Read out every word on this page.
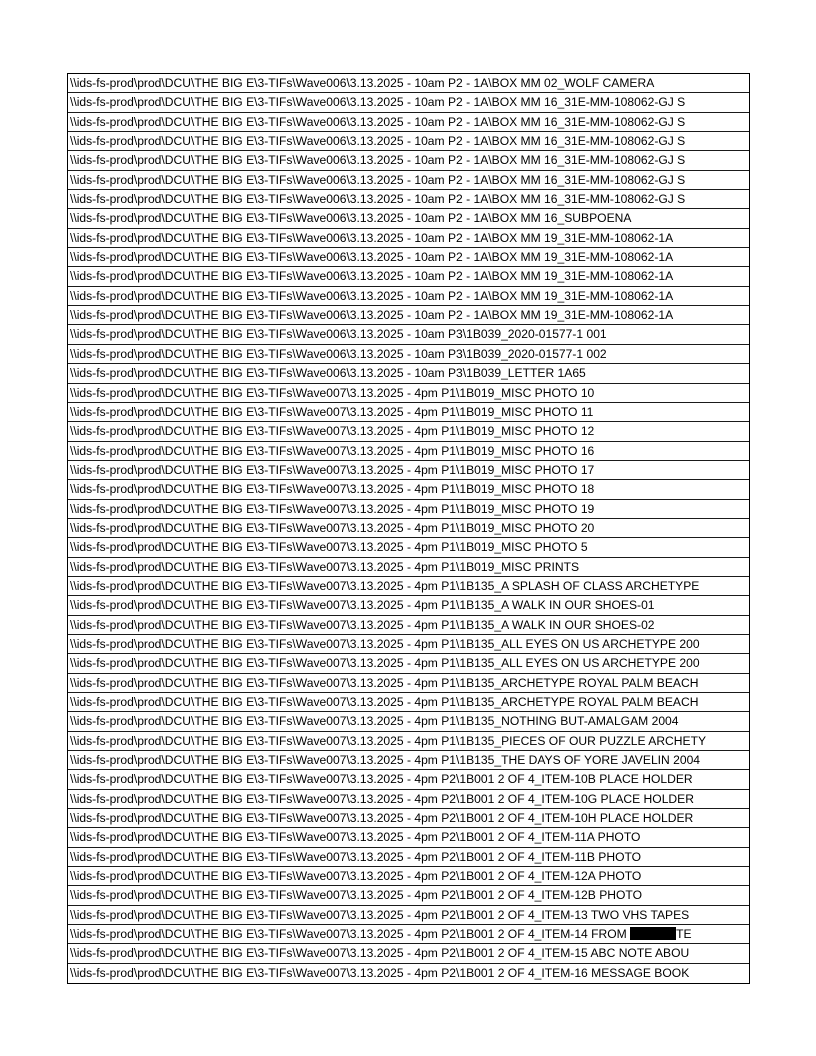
\\ids-fs-prod\prod\DCU\THE BIG E\3-TIFs\Wave006\3.13.2025 - 10am P2 - 1A\BOX MM 02_WOLF CAMERA
\\ids-fs-prod\prod\DCU\THE BIG E\3-TIFs\Wave006\3.13.2025 - 10am P2 - 1A\BOX MM 16_31E-MM-108062-GJ S
\\ids-fs-prod\prod\DCU\THE BIG E\3-TIFs\Wave006\3.13.2025 - 10am P2 - 1A\BOX MM 16_31E-MM-108062-GJ S
\\ids-fs-prod\prod\DCU\THE BIG E\3-TIFs\Wave006\3.13.2025 - 10am P2 - 1A\BOX MM 16_31E-MM-108062-GJ S
\\ids-fs-prod\prod\DCU\THE BIG E\3-TIFs\Wave006\3.13.2025 - 10am P2 - 1A\BOX MM 16_31E-MM-108062-GJ S
\\ids-fs-prod\prod\DCU\THE BIG E\3-TIFs\Wave006\3.13.2025 - 10am P2 - 1A\BOX MM 16_31E-MM-108062-GJ S
\\ids-fs-prod\prod\DCU\THE BIG E\3-TIFs\Wave006\3.13.2025 - 10am P2 - 1A\BOX MM 16_31E-MM-108062-GJ S
\\ids-fs-prod\prod\DCU\THE BIG E\3-TIFs\Wave006\3.13.2025 - 10am P2 - 1A\BOX MM 16_SUBPOENA
\\ids-fs-prod\prod\DCU\THE BIG E\3-TIFs\Wave006\3.13.2025 - 10am P2 - 1A\BOX MM 19_31E-MM-108062-1A
\\ids-fs-prod\prod\DCU\THE BIG E\3-TIFs\Wave006\3.13.2025 - 10am P2 - 1A\BOX MM 19_31E-MM-108062-1A
\\ids-fs-prod\prod\DCU\THE BIG E\3-TIFs\Wave006\3.13.2025 - 10am P2 - 1A\BOX MM 19_31E-MM-108062-1A
\\ids-fs-prod\prod\DCU\THE BIG E\3-TIFs\Wave006\3.13.2025 - 10am P2 - 1A\BOX MM 19_31E-MM-108062-1A
\\ids-fs-prod\prod\DCU\THE BIG E\3-TIFs\Wave006\3.13.2025 - 10am P2 - 1A\BOX MM 19_31E-MM-108062-1A
\\ids-fs-prod\prod\DCU\THE BIG E\3-TIFs\Wave006\3.13.2025 - 10am P3\1B039_2020-01577-1 001
\\ids-fs-prod\prod\DCU\THE BIG E\3-TIFs\Wave006\3.13.2025 - 10am P3\1B039_2020-01577-1 002
\\ids-fs-prod\prod\DCU\THE BIG E\3-TIFs\Wave006\3.13.2025 - 10am P3\1B039_LETTER 1A65
\\ids-fs-prod\prod\DCU\THE BIG E\3-TIFs\Wave007\3.13.2025 - 4pm P1\1B019_MISC PHOTO 10
\\ids-fs-prod\prod\DCU\THE BIG E\3-TIFs\Wave007\3.13.2025 - 4pm P1\1B019_MISC PHOTO 11
\\ids-fs-prod\prod\DCU\THE BIG E\3-TIFs\Wave007\3.13.2025 - 4pm P1\1B019_MISC PHOTO 12
\\ids-fs-prod\prod\DCU\THE BIG E\3-TIFs\Wave007\3.13.2025 - 4pm P1\1B019_MISC PHOTO 16
\\ids-fs-prod\prod\DCU\THE BIG E\3-TIFs\Wave007\3.13.2025 - 4pm P1\1B019_MISC PHOTO 17
\\ids-fs-prod\prod\DCU\THE BIG E\3-TIFs\Wave007\3.13.2025 - 4pm P1\1B019_MISC PHOTO 18
\\ids-fs-prod\prod\DCU\THE BIG E\3-TIFs\Wave007\3.13.2025 - 4pm P1\1B019_MISC PHOTO 19
\\ids-fs-prod\prod\DCU\THE BIG E\3-TIFs\Wave007\3.13.2025 - 4pm P1\1B019_MISC PHOTO 20
\\ids-fs-prod\prod\DCU\THE BIG E\3-TIFs\Wave007\3.13.2025 - 4pm P1\1B019_MISC PHOTO 5
\\ids-fs-prod\prod\DCU\THE BIG E\3-TIFs\Wave007\3.13.2025 - 4pm P1\1B019_MISC PRINTS
\\ids-fs-prod\prod\DCU\THE BIG E\3-TIFs\Wave007\3.13.2025 - 4pm P1\1B135_A SPLASH OF CLASS ARCHETYPE
\\ids-fs-prod\prod\DCU\THE BIG E\3-TIFs\Wave007\3.13.2025 - 4pm P1\1B135_A WALK IN OUR SHOES-01
\\ids-fs-prod\prod\DCU\THE BIG E\3-TIFs\Wave007\3.13.2025 - 4pm P1\1B135_A WALK IN OUR SHOES-02
\\ids-fs-prod\prod\DCU\THE BIG E\3-TIFs\Wave007\3.13.2025 - 4pm P1\1B135_ALL EYES ON US ARCHETYPE 200
\\ids-fs-prod\prod\DCU\THE BIG E\3-TIFs\Wave007\3.13.2025 - 4pm P1\1B135_ALL EYES ON US ARCHETYPE 200
\\ids-fs-prod\prod\DCU\THE BIG E\3-TIFs\Wave007\3.13.2025 - 4pm P1\1B135_ARCHETYPE ROYAL PALM BEACH
\\ids-fs-prod\prod\DCU\THE BIG E\3-TIFs\Wave007\3.13.2025 - 4pm P1\1B135_ARCHETYPE ROYAL PALM BEACH
\\ids-fs-prod\prod\DCU\THE BIG E\3-TIFs\Wave007\3.13.2025 - 4pm P1\1B135_NOTHING BUT-AMALGAM 2004
\\ids-fs-prod\prod\DCU\THE BIG E\3-TIFs\Wave007\3.13.2025 - 4pm P1\1B135_PIECES OF OUR PUZZLE ARCHETY
\\ids-fs-prod\prod\DCU\THE BIG E\3-TIFs\Wave007\3.13.2025 - 4pm P1\1B135_THE DAYS OF YORE JAVELIN 2004
\\ids-fs-prod\prod\DCU\THE BIG E\3-TIFs\Wave007\3.13.2025 - 4pm P2\1B001 2 OF 4_ITEM-10B PLACE HOLDER
\\ids-fs-prod\prod\DCU\THE BIG E\3-TIFs\Wave007\3.13.2025 - 4pm P2\1B001 2 OF 4_ITEM-10G PLACE HOLDER
\\ids-fs-prod\prod\DCU\THE BIG E\3-TIFs\Wave007\3.13.2025 - 4pm P2\1B001 2 OF 4_ITEM-10H PLACE HOLDER
\\ids-fs-prod\prod\DCU\THE BIG E\3-TIFs\Wave007\3.13.2025 - 4pm P2\1B001 2 OF 4_ITEM-11A PHOTO
\\ids-fs-prod\prod\DCU\THE BIG E\3-TIFs\Wave007\3.13.2025 - 4pm P2\1B001 2 OF 4_ITEM-11B PHOTO
\\ids-fs-prod\prod\DCU\THE BIG E\3-TIFs\Wave007\3.13.2025 - 4pm P2\1B001 2 OF 4_ITEM-12A PHOTO
\\ids-fs-prod\prod\DCU\THE BIG E\3-TIFs\Wave007\3.13.2025 - 4pm P2\1B001 2 OF 4_ITEM-12B PHOTO
\\ids-fs-prod\prod\DCU\THE BIG E\3-TIFs\Wave007\3.13.2025 - 4pm P2\1B001 2 OF 4_ITEM-13 TWO VHS TAPES
\\ids-fs-prod\prod\DCU\THE BIG E\3-TIFs\Wave007\3.13.2025 - 4pm P2\1B001 2 OF 4_ITEM-14 FROM	TE
\\ids-fs-prod\prod\DCU\THE BIG E\3-TIFs\Wave007\3.13.2025 - 4pm P2\1B001 2 OF 4_ITEM-15 ABC NOTE ABOU
\\ids-fs-prod\prod\DCU\THE BIG E\3-TIFs\Wave007\3.13.2025 - 4pm P2\1B001 2 OF 4_ITEM-16 MESSAGE BOOK
